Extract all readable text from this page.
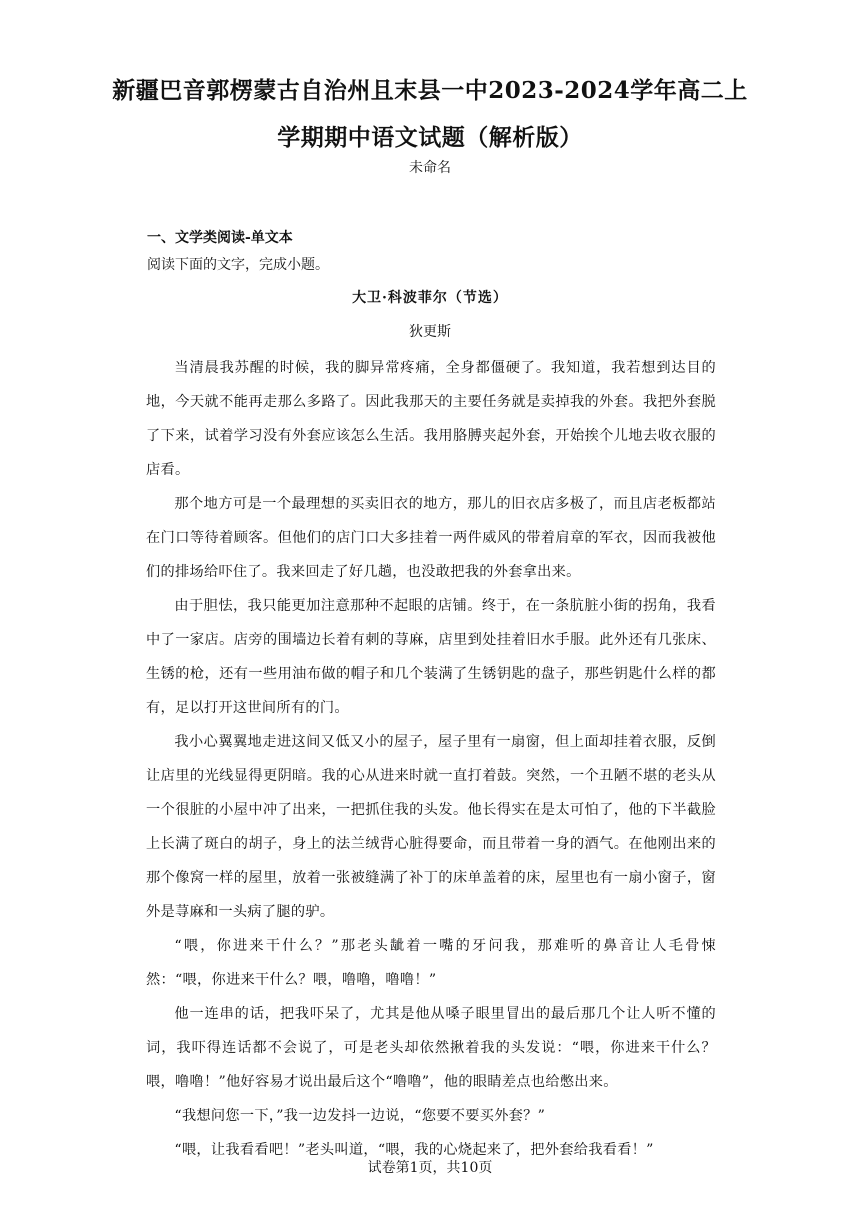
新疆巴音郭楞蒙古自治州且末县一中2023-2024学年高二上
学期期中语文试题（解析版）
未命名
一、文学类阅读-单文本
阅读下面的文字，完成小题。
大卫·科波菲尔（节选）
狄更斯

当清晨我苏醒的时候，我的脚异常疼痛，全身都僵硬了。我知道，我若想到达目的地，今天就不能再走那么多路了。因此我那天的主要任务就是卖掉我的外套。我把外套脱了下来，试着学习没有外套应该怎么生活。我用胳膊夹起外套，开始挨个儿地去收衣服的店看。

那个地方可是一个最理想的买卖旧衣的地方，那儿的旧衣店多极了，而且店老板都站在门口等待着顾客。但他们的店门口大多挂着一两件威风的带着肩章的军衣，因而我被他们的排场给吓住了。我来回走了好几趟，也没敢把我的外套拿出来。

由于胆怯，我只能更加注意那种不起眼的店铺。终于，在一条肮脏小街的拐角，我看中了一家店。店旁的围墙边长着有刺的荨麻，店里到处挂着旧水手服。此外还有几张床、生锈的枪，还有一些用油布做的帽子和几个装满了生锈钥匙的盘子，那些钥匙什么样的都有，足以打开这世间所有的门。

我小心翼翼地走进这间又低又小的屋子，屋子里有一扇窗，但上面却挂着衣服，反倒让店里的光线显得更阴暗。我的心从进来时就一直打着鼓。突然，一个丑陋不堪的老头从一个很脏的小屋中冲了出来，一把抓住我的头发。他长得实在是太可怕了，他的下半截脸上长满了斑白的胡子，身上的法兰绒背心脏得要命，而且带着一身的酒气。在他刚出来的那个像窝一样的屋里，放着一张被缝满了补丁的床单盖着的床，屋里也有一扇小窗子，窗外是荨麻和一头病了腿的驴。

“喂，你进来干什么？”那老头龇着一嘴的牙问我，那难听的鼻音让人毛骨悚然：“喂，你进来干什么？喂，噜噜，噜噜！”

他一连串的话，把我吓呆了，尤其是他从嗓子眼里冒出的最后那几个让人听不懂的词，我吓得连话都不会说了，可是老头却依然揪着我的头发说：“喂，你进来干什么？喂，噜噜！”他好容易才说出最后这个“噜噜”，他的眼睛差点也给憋出来。

“我想问您一下，”我一边发抖一边说，“您要不要买外套？”

“喂，让我看看吧！”老头叫道，“喂，我的心烧起来了，把外套给我看看！”

试卷第1页，共10页
